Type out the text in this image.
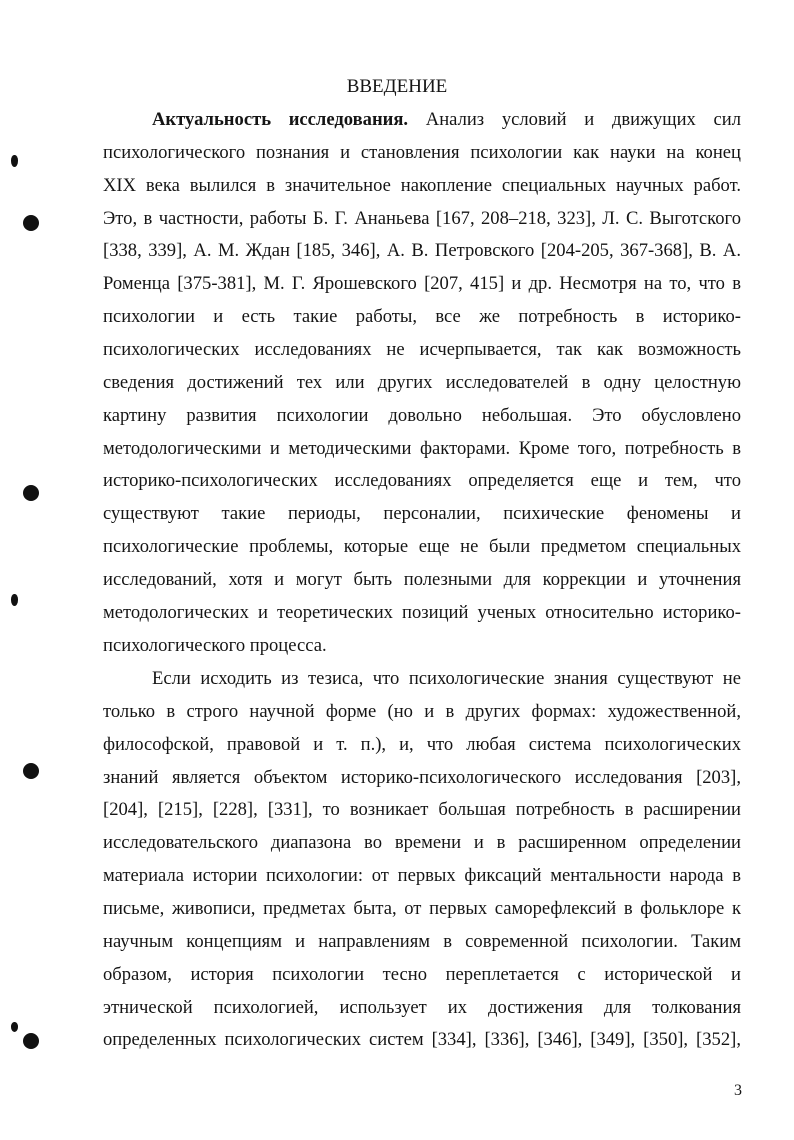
ВВЕДЕНИЕ
Актуальность исследования. Анализ условий и движущих сил
психологического познания и становления психологии как науки на конец
XIX века вылился в значительное накопление специальных научных работ.
Это, в частности, работы Б. Г. Ананьева [167, 208–218, 323], Л. С. Выготского
[338, 339], А. М. Ждан [185, 346], А. В. Петровского [204-205, 367-368], В. А.
Роменца [375-381], М. Г. Ярошевского [207, 415] и др. Несмотря на то, что в
психологии и есть такие работы, все же потребность в историко-
психологических исследованиях не исчерпывается, так как возможность
сведения достижений тех или других исследователей в одну целостную
картину развития психологии довольно небольшая. Это обусловлено
методологическими и методическими факторами. Кроме того, потребность в
историко-психологических исследованиях определяется еще и тем, что
существуют такие периоды, персоналии, психические феномены и
психологические проблемы, которые еще не были предметом специальных
исследований, хотя и могут быть полезными для коррекции и уточнения
методологических и теоретических позиций ученых относительно историко-
психологического процесса.
Если исходить из тезиса, что психологические знания существуют не
только в строго научной форме (но и в других формах: художественной,
философской, правовой и т. п.), и, что любая система психологических
знаний является объектом историко-психологического исследования [203],
[204], [215], [228], [331], то возникает большая потребность в расширении
исследовательского диапазона во времени и в расширенном определении
материала истории психологии: от первых фиксаций ментальности народа в
письме, живописи, предметах быта, от первых саморефлексий в фольклоре к
научным концепциям и направлениям в современной психологии. Таким
образом, история психологии тесно переплетается с исторической и
этнической психологией, использует их достижения для толкования
определенных психологических систем [334], [336], [346], [349], [350], [352],
3
